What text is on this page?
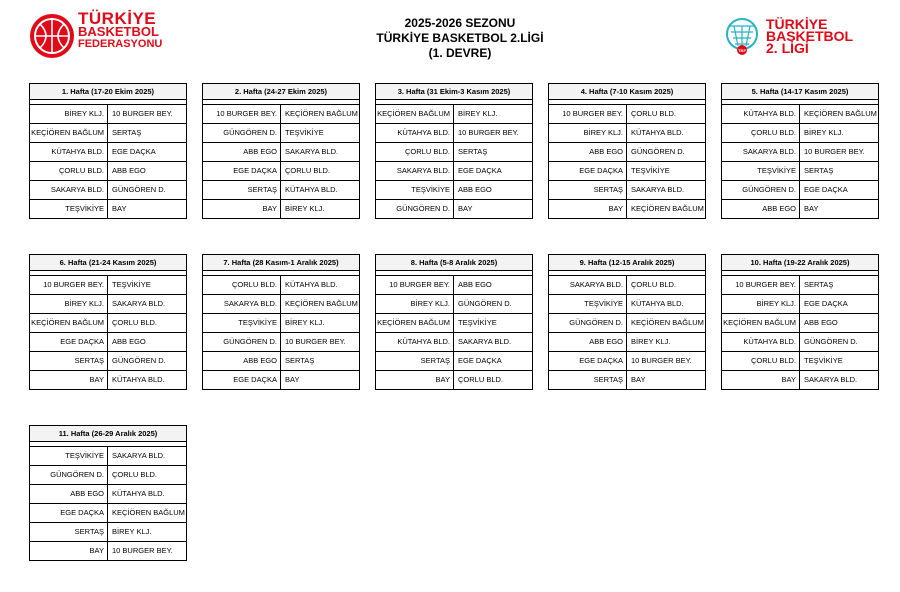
TÜRKİYE
BASKETBOL
FEDERASYONU
2025-2026 SEZONU
TÜRKİYE BASKETBOL 2.LİGİ
(1. DEVRE)	TBF
TÜRKİYE
BASKETBOL
2. LİGİ
1. Hafta (17-20 Ekim 2025)
BİREY KLJ.	10 BURGER BEY.
KEÇİÖREN BAĞLUM	SERTAŞ
KÜTAHYA BLD.	EGE DAÇKA
ÇORLU BLD.	ABB EGO
SAKARYA BLD.	GÜNGÖREN D.
TEŞVİKİYE	BAY
2. Hafta (24-27 Ekim 2025)
10 BURGER BEY.	KEÇİÖREN BAĞLUM
GÜNGÖREN D.	TEŞVİKİYE
ABB EGO	SAKARYA BLD.
EGE DAÇKA	ÇORLU BLD.
SERTAŞ	KÜTAHYA BLD.
BAY	BİREY KLJ.
3. Hafta (31 Ekim-3 Kasım 2025)
KEÇİÖREN BAĞLUM	BİREY KLJ.
KÜTAHYA BLD.	10 BURGER BEY.
ÇORLU BLD.	SERTAŞ
SAKARYA BLD.	EGE DAÇKA
TEŞVİKİYE	ABB EGO
GÜNGÖREN D.	BAY
4. Hafta (7-10 Kasım 2025)
10 BURGER BEY.	ÇORLU BLD.
BİREY KLJ.	KÜTAHYA BLD.
ABB EGO	GÜNGÖREN D.
EGE DAÇKA	TEŞVİKİYE
SERTAŞ	SAKARYA BLD.
BAY	KEÇİÖREN BAĞLUM
5. Hafta (14-17 Kasım 2025)
KÜTAHYA BLD.	KEÇİÖREN BAĞLUM
ÇORLU BLD.	BİREY KLJ.
SAKARYA BLD.	10 BURGER BEY.
TEŞVİKİYE	SERTAŞ
GÜNGÖREN D.	EGE DAÇKA
ABB EGO	BAY
6. Hafta (21-24 Kasım 2025)
10 BURGER BEY.	TEŞVİKİYE
BİREY KLJ.	SAKARYA BLD.
KEÇİÖREN BAĞLUM	ÇORLU BLD.
EGE DAÇKA	ABB EGO
SERTAŞ	GÜNGÖREN D.
BAY	KÜTAHYA BLD.
7. Hafta (28 Kasım-1 Aralık 2025)
ÇORLU BLD.	KÜTAHYA BLD.
SAKARYA BLD.	KEÇİÖREN BAĞLUM
TEŞVİKİYE	BİREY KLJ.
GÜNGÖREN D.	10 BURGER BEY.
ABB EGO	SERTAŞ
EGE DAÇKA	BAY
8. Hafta (5-8 Aralık 2025)
10 BURGER BEY.	ABB EGO
BİREY KLJ.	GÜNGÖREN D.
KEÇİÖREN BAĞLUM	TEŞVİKİYE
KÜTAHYA BLD.	SAKARYA BLD.
SERTAŞ	EGE DAÇKA
BAY	ÇORLU BLD.
9. Hafta (12-15 Aralık 2025)
SAKARYA BLD.	ÇORLU BLD.
TEŞVİKİYE	KÜTAHYA BLD.
GÜNGÖREN D.	KEÇİÖREN BAĞLUM
ABB EGO	BİREY KLJ.
EGE DAÇKA	10 BURGER BEY.
SERTAŞ	BAY
10. Hafta (19-22 Aralık 2025)
10 BURGER BEY.	SERTAŞ
BİREY KLJ.	EGE DAÇKA
KEÇİÖREN BAĞLUM	ABB EGO
KÜTAHYA BLD.	GÜNGÖREN D.
ÇORLU BLD.	TEŞVİKİYE
BAY	SAKARYA BLD.
11. Hafta (26-29 Aralık 2025)
TEŞVİKİYE	SAKARYA BLD.
GÜNGÖREN D.	ÇORLU BLD.
ABB EGO	KÜTAHYA BLD.
EGE DAÇKA	KEÇİÖREN BAĞLUM
SERTAŞ	BİREY KLJ.
BAY	10 BURGER BEY.
